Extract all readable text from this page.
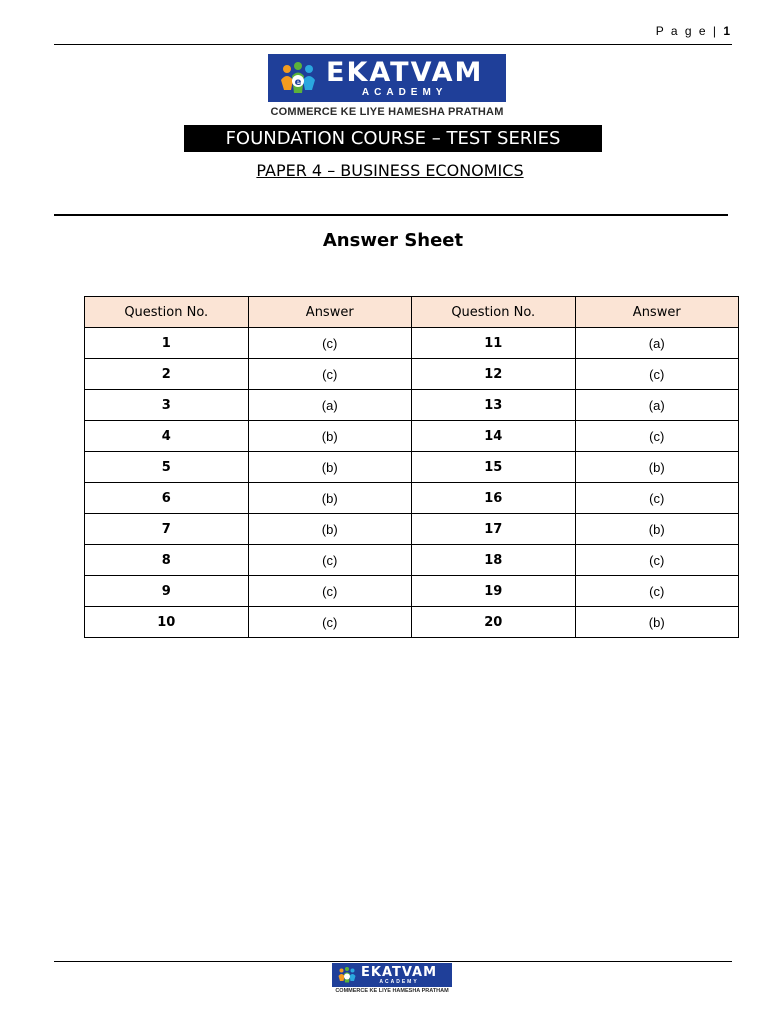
P a g e | 1
e EKATVAM
ACADEMY
COMMERCE KE LIYE HAMESHA PRATHAM
FOUNDATION COURSE – TEST SERIES
PAPER 4 – BUSINESS ECONOMICS
Answer Sheet
Question No.	Answer	Question No.	Answer
1	(c)	11	(a)
2	(c)	12	(c)
3	(a)	13	(a)
4	(b)	14	(c)
5	(b)	15	(b)
6	(b)	16	(c)
7	(b)	17	(b)
8	(c)	18	(c)
9	(c)	19	(c)
10	(c)	20	(b)
EKATVAM
ACADEMY
COMMERCE KE LIYE HAMESHA PRATHAM
